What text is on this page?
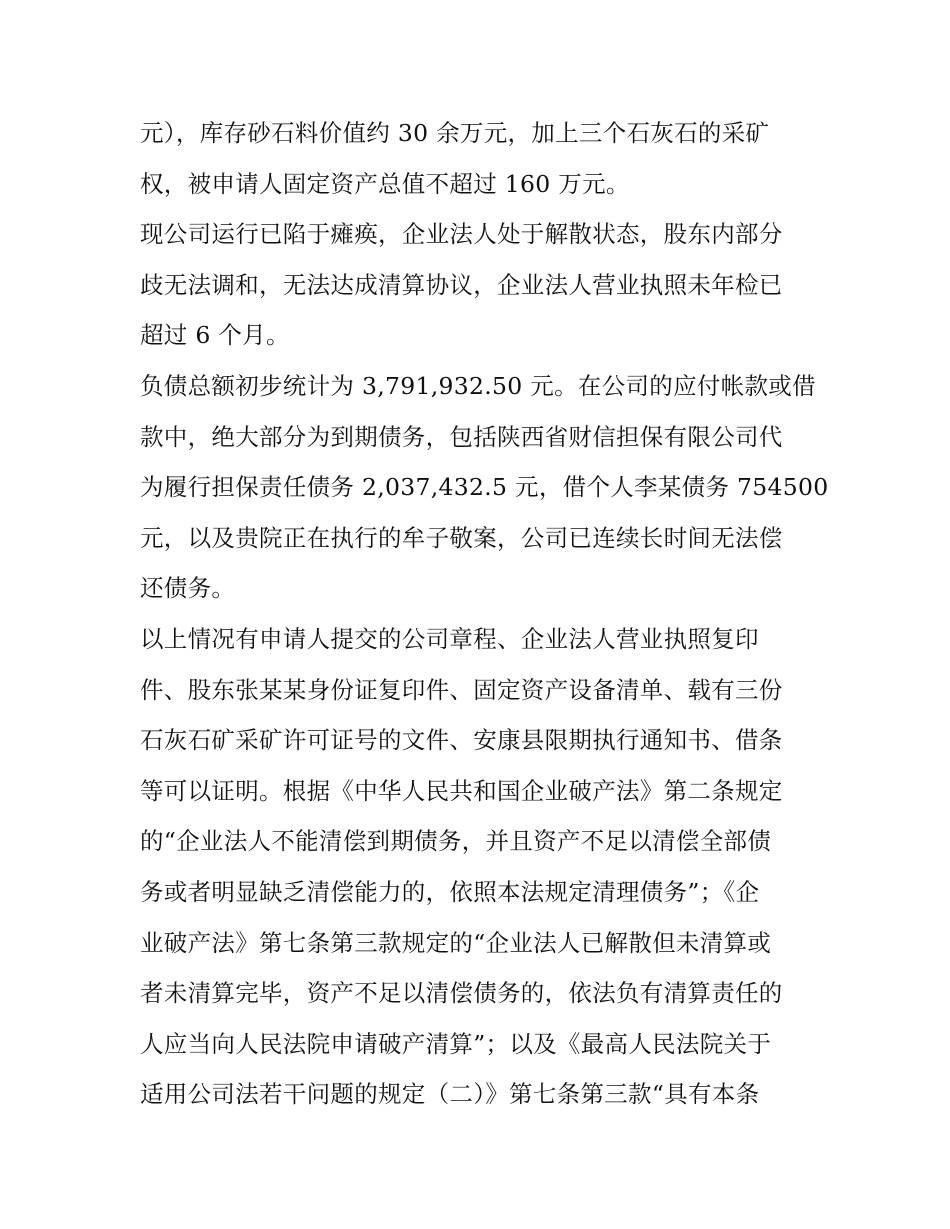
元），库存砂石料价值约 30 余万元，加上三个石灰石的采矿
权，被申请人固定资产总值不超过 160 万元。
现公司运行已陷于瘫痪，企业法人处于解散状态，股东内部分
歧无法调和，无法达成清算协议，企业法人营业执照未年检已
超过 6 个月。
负债总额初步统计为 3,791,932.50 元。在公司的应付帐款或借
款中，绝大部分为到期债务，包括陕西省财信担保有限公司代
为履行担保责任债务 2,037,432.5 元，借个人李某债务 754500
元，以及贵院正在执行的牟子敬案，公司已连续长时间无法偿
还债务。
以上情况有申请人提交的公司章程、企业法人营业执照复印
件、股东张某某身份证复印件、固定资产设备清单、载有三份
石灰石矿采矿许可证号的文件、安康县限期执行通知书、借条
等可以证明。根据《中华人民共和国企业破产法》第二条规定
的“企业法人不能清偿到期债务，并且资产不足以清偿全部债
务或者明显缺乏清偿能力的，依照本法规定清理债务”；《企
业破产法》第七条第三款规定的“企业法人已解散但未清算或
者未清算完毕，资产不足以清偿债务的，依法负有清算责任的
人应当向人民法院申请破产清算”；以及《最高人民法院关于
适用公司法若干问题的规定（二）》第七条第三款“具有本条
